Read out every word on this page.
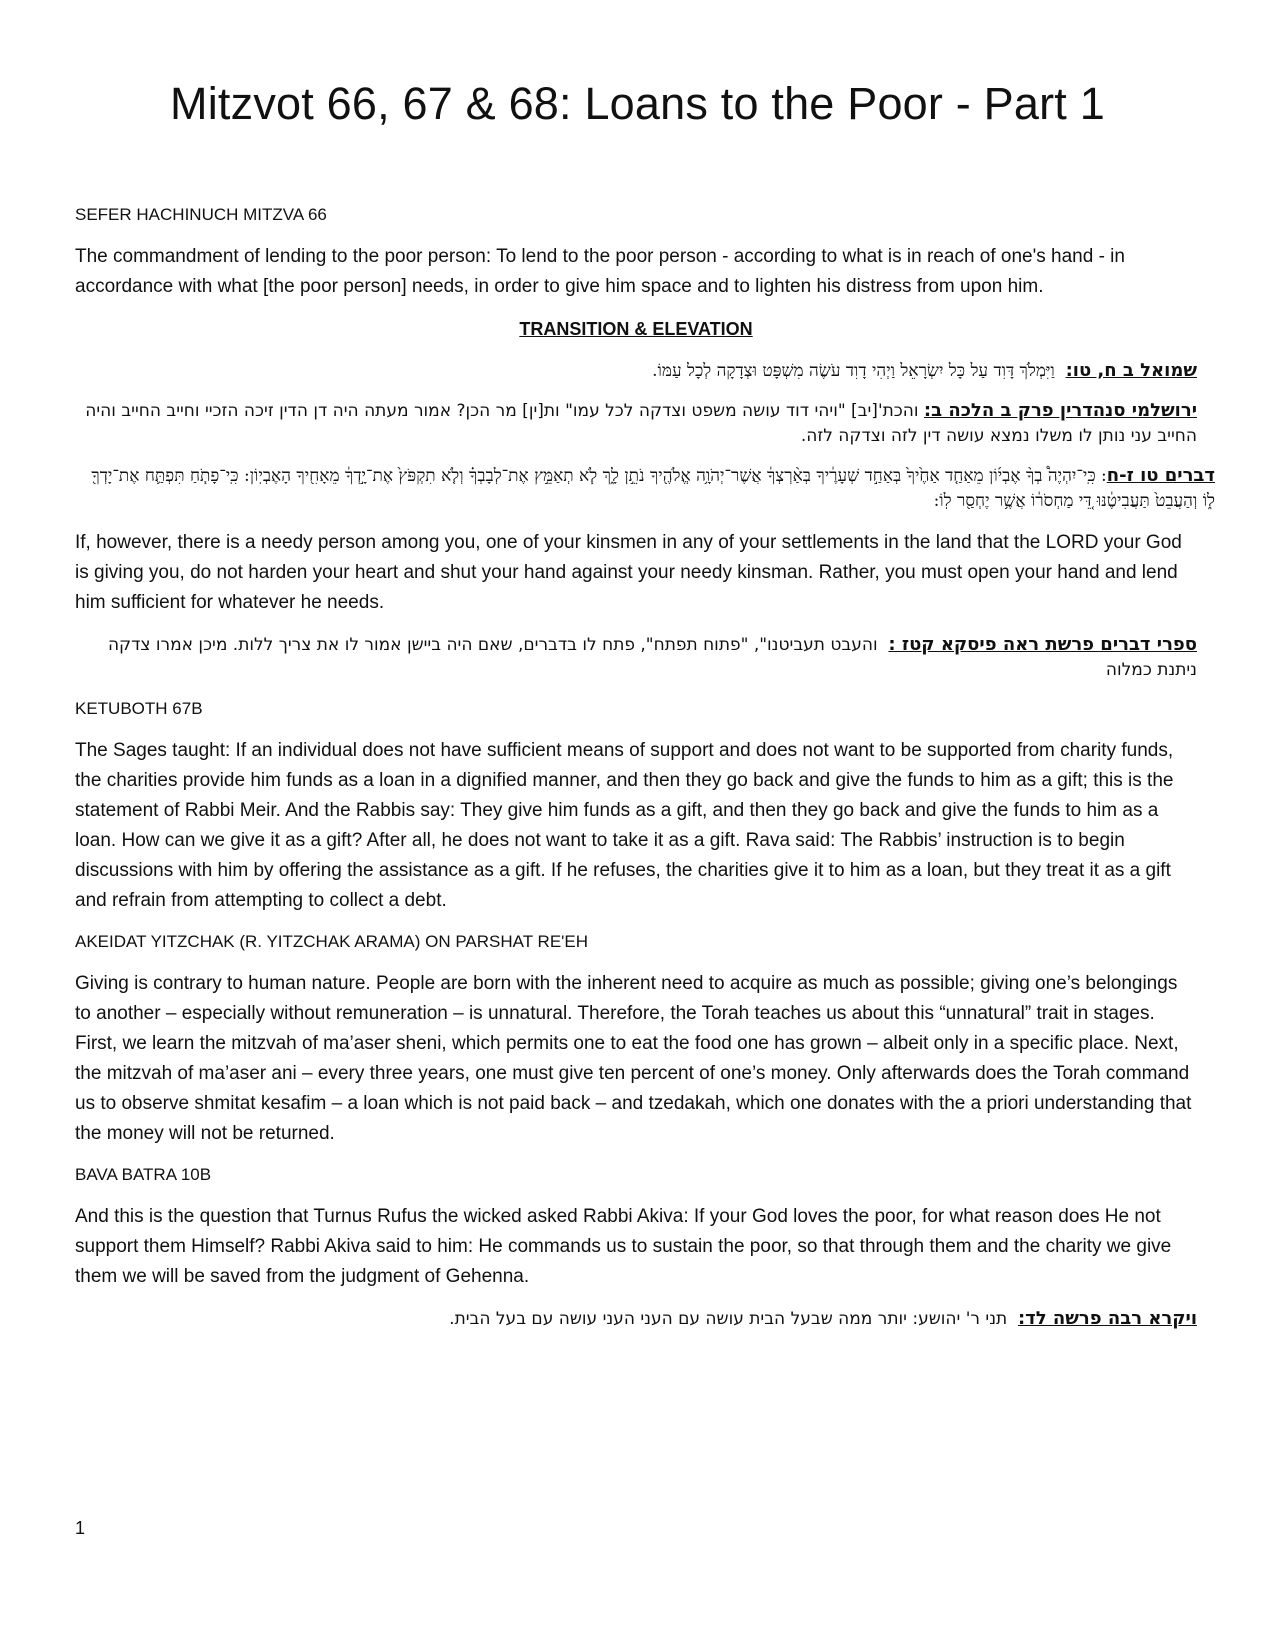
Mitzvot 66, 67 & 68: Loans to the Poor - Part 1

SEFER HACHINUCH MITZVA 66

The commandment of lending to the poor person: To lend to the poor person - according to what is in reach of one's hand - in accordance with what [the poor person] needs, in order to give him space and to lighten his distress from upon him.

TRANSITION & ELEVATION

שמואל ב ח, טו:  וַיִּמְלֹךְ דָּוִד עַל כָּל יִשְׂרָאֵל וַיְהִי דָוִד עֹשֶׂה מִשְׁפָּט וּצְדָקָה לְכָל עַמּוֹ.

ירושלמי סנהדרין פרק ב הלכה ב: והכת'[יב] "ויהי דוד עושה משפט וצדקה לכל עמו" ות[ין] מר הכן? אמור מעתה היה דן הדין זיכה הזכיי וחייב החייב והיה החייב עני נותן לו משלו נמצא עושה דין לזה וצדקה לזה.

דברים טו ז-ח: כִּֽי־יִהְיֶה֩ בְךָ֨ אֶבְי֜וֹן מֵאַחַ֤ד אַחֶ֙יךָ֙ בְּאַחַ֣ד שְׁעָרֶ֔יךָ בְּאַ֨רְצְךָ֔ אֲשֶׁר־יְהֹוָ֥ה אֱלֹהֶ֖יךָ נֹתֵ֣ן לָ֑ךְ לֹ֧א תְאַמֵּ֣ץ אֶת־לְבָבְךָ֗ וְלֹ֤א תִקְפֹּץ֙ אֶת־יָ֣דְךָ֔ מֵאָחִ֖יךָ הָאֶבְיֽוֹן: כִּֽי־פָתֹ֧חַ תִּפְתַּ֛ח אֶת־יָדְךָ֖ ל֑וֹ וְהַעֲבֵט֙ תַּעֲבִיטֶ֔נּוּ דֵּ֚י מַחְסֹר֔וֹ אֲשֶׁ֥ר יֶחְסַ֖ר לֽוֹ:

If, however, there is a needy person among you, one of your kinsmen in any of your settlements in the land that the LORD your God is giving you, do not harden your heart and shut your hand against your needy kinsman. Rather, you must open your hand and lend him sufficient for whatever he needs.

ספרי דברים פרשת ראה פיסקא קטז :  והעבט תעביטנו", "פתוח תפתח", פתח לו בדברים, שאם היה ביישן אמור לו את צריך ללות. מיכן אמרו צדקה ניתנת כמלוה

KETUBOTH 67B

The Sages taught: If an individual does not have sufficient means of support and does not want to be supported from charity funds, the charities provide him funds as a loan in a dignified manner, and then they go back and give the funds to him as a gift; this is the statement of Rabbi Meir. And the Rabbis say: They give him funds as a gift, and then they go back and give the funds to him as a loan. How can we give it as a gift? After all, he does not want to take it as a gift. Rava said: The Rabbis’ instruction is to begin discussions with him by offering the assistance as a gift. If he refuses, the charities give it to him as a loan, but they treat it as a gift and refrain from attempting to collect a debt.

AKEIDAT YITZCHAK (R. YITZCHAK ARAMA) ON PARSHAT RE'EH

Giving is contrary to human nature. People are born with the inherent need to acquire as much as possible; giving one’s belongings to another – especially without remuneration – is unnatural. Therefore, the Torah teaches us about this “unnatural” trait in stages. First, we learn the mitzvah of ma’aser sheni, which permits one to eat the food one has grown – albeit only in a specific place. Next, the mitzvah of ma’aser ani – every three years, one must give ten percent of one’s money. Only afterwards does the Torah command us to observe shmitat kesafim – a loan which is not paid back – and tzedakah, which one donates with the a priori understanding that the money will not be returned.

BAVA BATRA 10B

And this is the question that Turnus Rufus the wicked asked Rabbi Akiva: If your God loves the poor, for what reason does He not support them Himself? Rabbi Akiva said to him: He commands us to sustain the poor, so that through them and the charity we give them we will be saved from the judgment of Gehenna.

ויקרא רבה פרשה לד:  תני ר' יהושע: יותר ממה שבעל הבית עושה עם העני העני עושה עם בעל הבית.

1
